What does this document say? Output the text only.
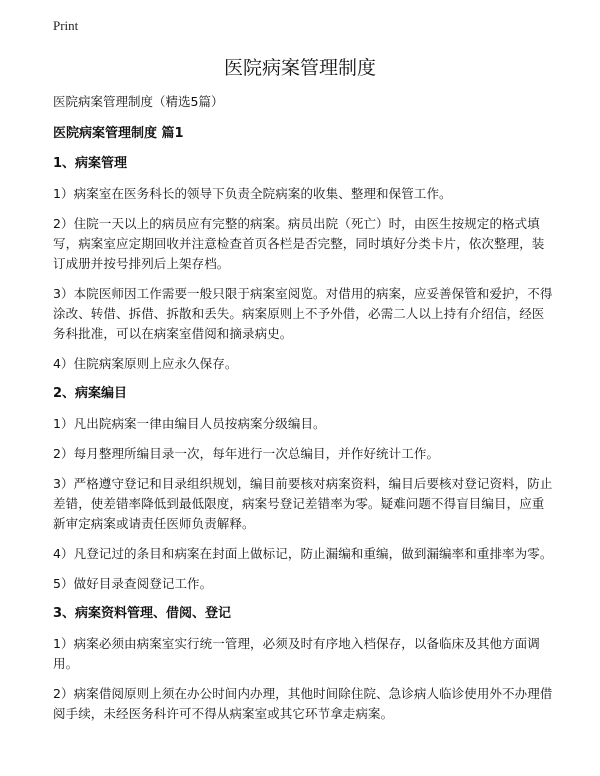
Print
医院病案管理制度

医院病案管理制度（精选5篇）

医院病案管理制度 篇1

1、病案管理

1）病案室在医务科长的领导下负责全院病案的收集、整理和保管工作。

2）住院一天以上的病员应有完整的病案。病员出院（死亡）时，由医生按规定的格式填写，病案室应定期回收并注意检查首页各栏是否完整，同时填好分类卡片，依次整理，装订成册并按号排列后上架存档。

3）本院医师因工作需要一般只限于病案室阅览。对借用的病案，应妥善保管和爱护，不得涂改、转借、拆借、拆散和丢失。病案原则上不予外借，必需二人以上持有介绍信，经医务科批准，可以在病案室借阅和摘录病史。

4）住院病案原则上应永久保存。

2、病案编目

1）凡出院病案一律由编目人员按病案分级编目。

2）每月整理所编目录一次，每年进行一次总编目，并作好统计工作。

3）严格遵守登记和目录组织规划，编目前要核对病案资料，编目后要核对登记资料，防止差错，使差错率降低到最低限度，病案号登记差错率为零。疑难问题不得盲目编目，应重新审定病案或请责任医师负责解释。

4）凡登记过的条目和病案在封面上做标记，防止漏编和重编，做到漏编率和重排率为零。

5）做好目录查阅登记工作。

3、病案资料管理、借阅、登记

1）病案必须由病案室实行统一管理，必须及时有序地入档保存，以备临床及其他方面调用。

2）病案借阅原则上须在办公时间内办理，其他时间除住院、急诊病人临诊使用外不办理借阅手续，未经医务科许可不得从病案室或其它环节拿走病案。
